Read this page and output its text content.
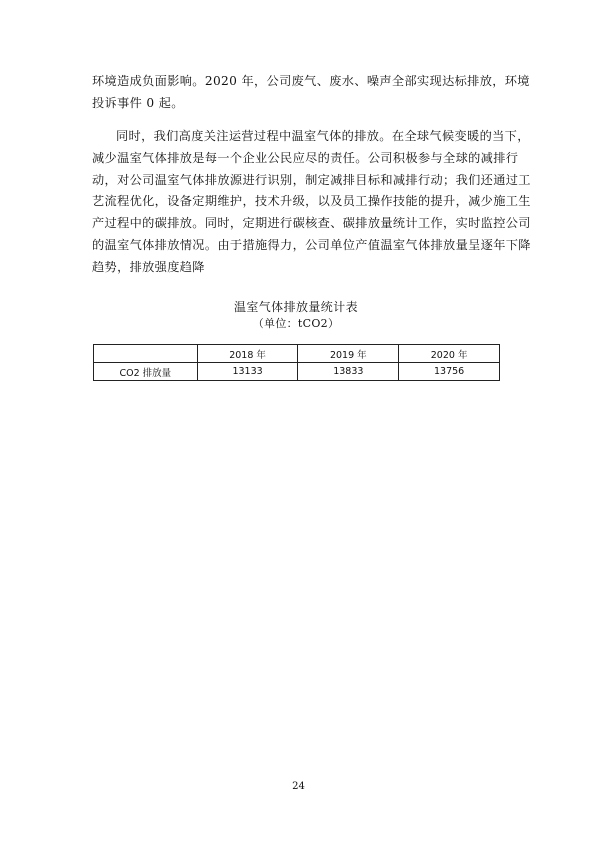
环境造成负面影响。2020 年，公司废气、废水、噪声全部实现达标排放，环境
投诉事件 0 起。

同时，我们高度关注运营过程中温室气体的排放。在全球气候变暖的当下，
减少温室气体排放是每一个企业公民应尽的责任。公司积极参与全球的减排行
动，对公司温室气体排放源进行识别，制定减排目标和减排行动；我们还通过工
艺流程优化，设备定期维护，技术升级，以及员工操作技能的提升，减少施工生
产过程中的碳排放。同时，定期进行碳核查、碳排放量统计工作，实时监控公司
的温室气体排放情况。由于措施得力，公司单位产值温室气体排放量呈逐年下降
趋势，排放强度趋降

温室气体排放量统计表
（单位：tCO2）
	2018 年	2019 年	2020 年
CO2 排放量	13133	13833	13756
24
